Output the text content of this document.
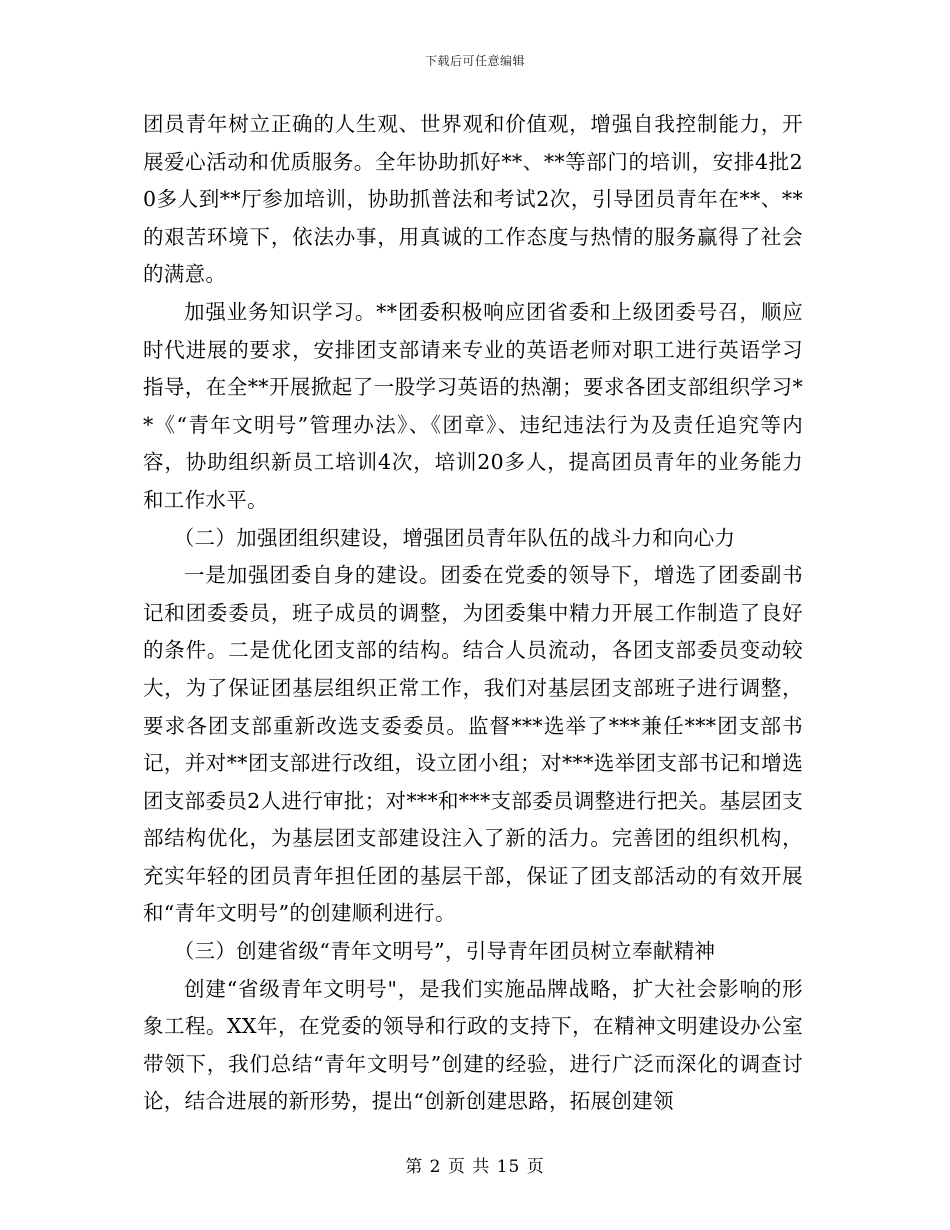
下载后可任意编辑

团员青年树立正确的人生观、世界观和价值观，增强自我控制能力，开展爱心活动和优质服务。全年协助抓好**、**等部门的培训，安排4批20多人到**厅参加培训，协助抓普法和考试2次，引导团员青年在**、**的艰苦环境下，依法办事，用真诚的工作态度与热情的服务赢得了社会的满意。

加强业务知识学习。**团委积极响应团省委和上级团委号召，顺应时代进展的要求，安排团支部请来专业的英语老师对职工进行英语学习指导，在全**开展掀起了一股学习英语的热潮；要求各团支部组织学习**《“青年文明号”管理办法》、《团章》、违纪违法行为及责任追究等内容，协助组织新员工培训4次，培训20多人，提高团员青年的业务能力和工作水平。

（二）加强团组织建设，增强团员青年队伍的战斗力和向心力

一是加强团委自身的建设。团委在党委的领导下，增选了团委副书记和团委委员，班子成员的调整，为团委集中精力开展工作制造了良好的条件。二是优化团支部的结构。结合人员流动，各团支部委员变动较大，为了保证团基层组织正常工作，我们对基层团支部班子进行调整，要求各团支部重新改选支委委员。监督***选举了***兼任***团支部书记，并对**团支部进行改组，设立团小组；对***选举团支部书记和增选团支部委员2人进行审批；对***和***支部委员调整进行把关。基层团支部结构优化，为基层团支部建设注入了新的活力。完善团的组织机构，充实年轻的团员青年担任团的基层干部，保证了团支部活动的有效开展和“青年文明号”的创建顺利进行。

（三）创建省级“青年文明号”，引导青年团员树立奉献精神

创建“省级青年文明号"，是我们实施品牌战略，扩大社会影响的形象工程。XX年，在党委的领导和行政的支持下，在精神文明建设办公室带领下，我们总结“青年文明号”创建的经验，进行广泛而深化的调查讨论，结合进展的新形势，提出“创新创建思路，拓展创建领

第 2 页 共 15 页
